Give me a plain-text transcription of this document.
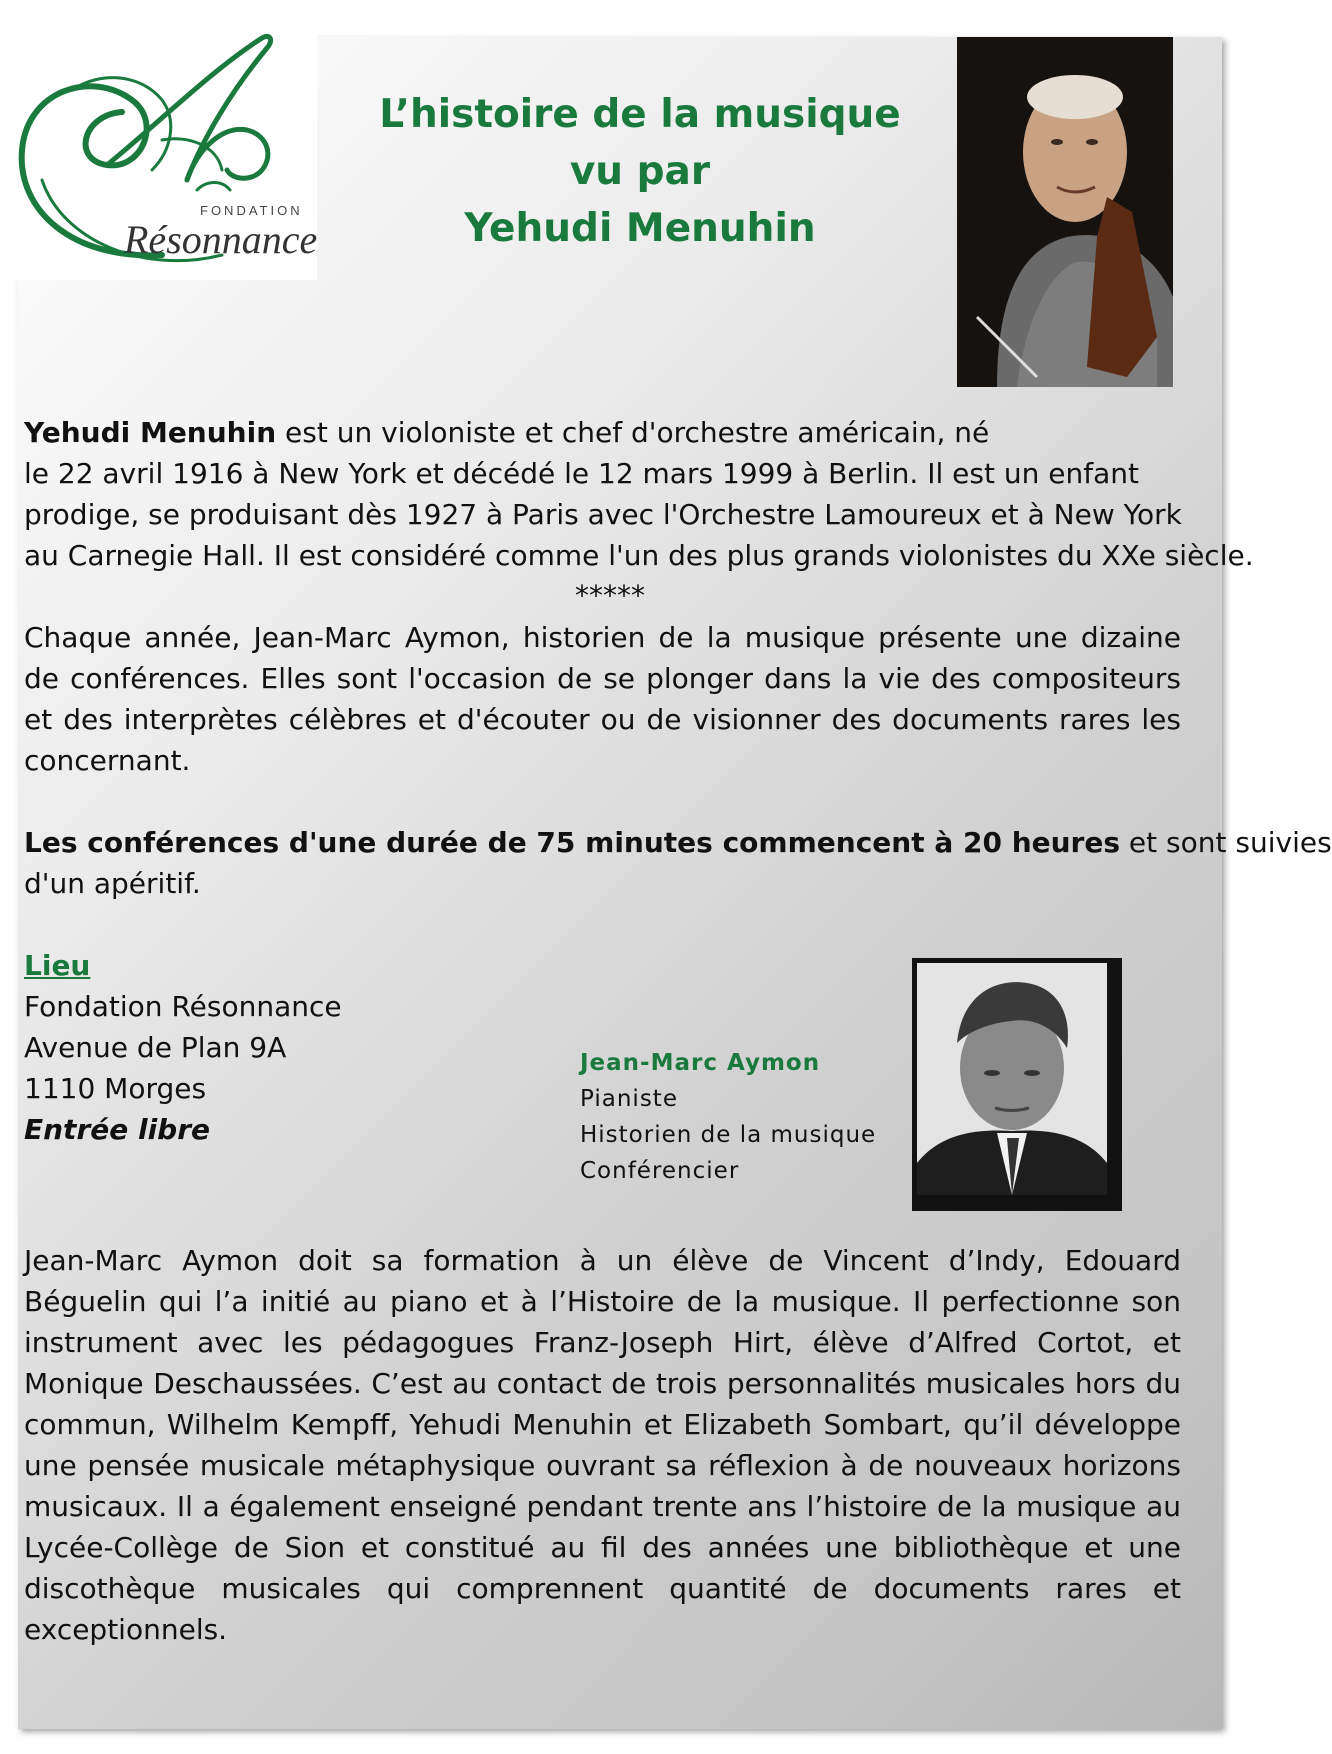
FONDATION
Résonnance
L’histoire de la musique
vu par
Yehudi Menuhin
Yehudi Menuhin est un violoniste et chef d'orchestre américain, né
le 22 avril 1916 à New York et décédé le 12 mars 1999 à Berlin. Il est un enfant
prodige, se produisant dès 1927 à Paris avec l'Orchestre Lamoureux et à New York
au Carnegie Hall. Il est considéré comme l'un des plus grands violonistes du XXe siècle.
*****
Chaque année, Jean-Marc Aymon, historien de la musique présente une dizaine de conférences. Elles sont l'occasion de se plonger dans la vie des compositeurs et des interprètes célèbres et d'écouter ou de visionner des documents rares les concernant.
Les conférences d'une durée de 75 minutes commencent à 20 heures et sont suivies
d'un apéritif.
Lieu
Fondation Résonnance
Avenue de Plan 9A
1110 Morges
Entrée libre
Jean-Marc Aymon
Pianiste
Historien de la musique
Conférencier
Jean-Marc Aymon doit sa formation à un élève de Vincent d’Indy, Edouard Béguelin qui l’a initié au piano et à l’Histoire de la musique. Il perfectionne son instrument avec les pédagogues Franz-Joseph Hirt, élève d’Alfred Cortot, et Monique Deschaussées. C’est au contact de trois personnalités musicales hors du commun, Wilhelm Kempff, Yehudi Menuhin et Elizabeth Sombart, qu’il développe une pensée musicale métaphysique ouvrant sa réflexion à de nouveaux horizons musicaux. Il a également enseigné pendant trente ans l’histoire de la musique au Lycée-Collège de Sion et constitué au fil des années une bibliothèque et une discothèque musicales qui comprennent quantité de documents rares et exceptionnels.
